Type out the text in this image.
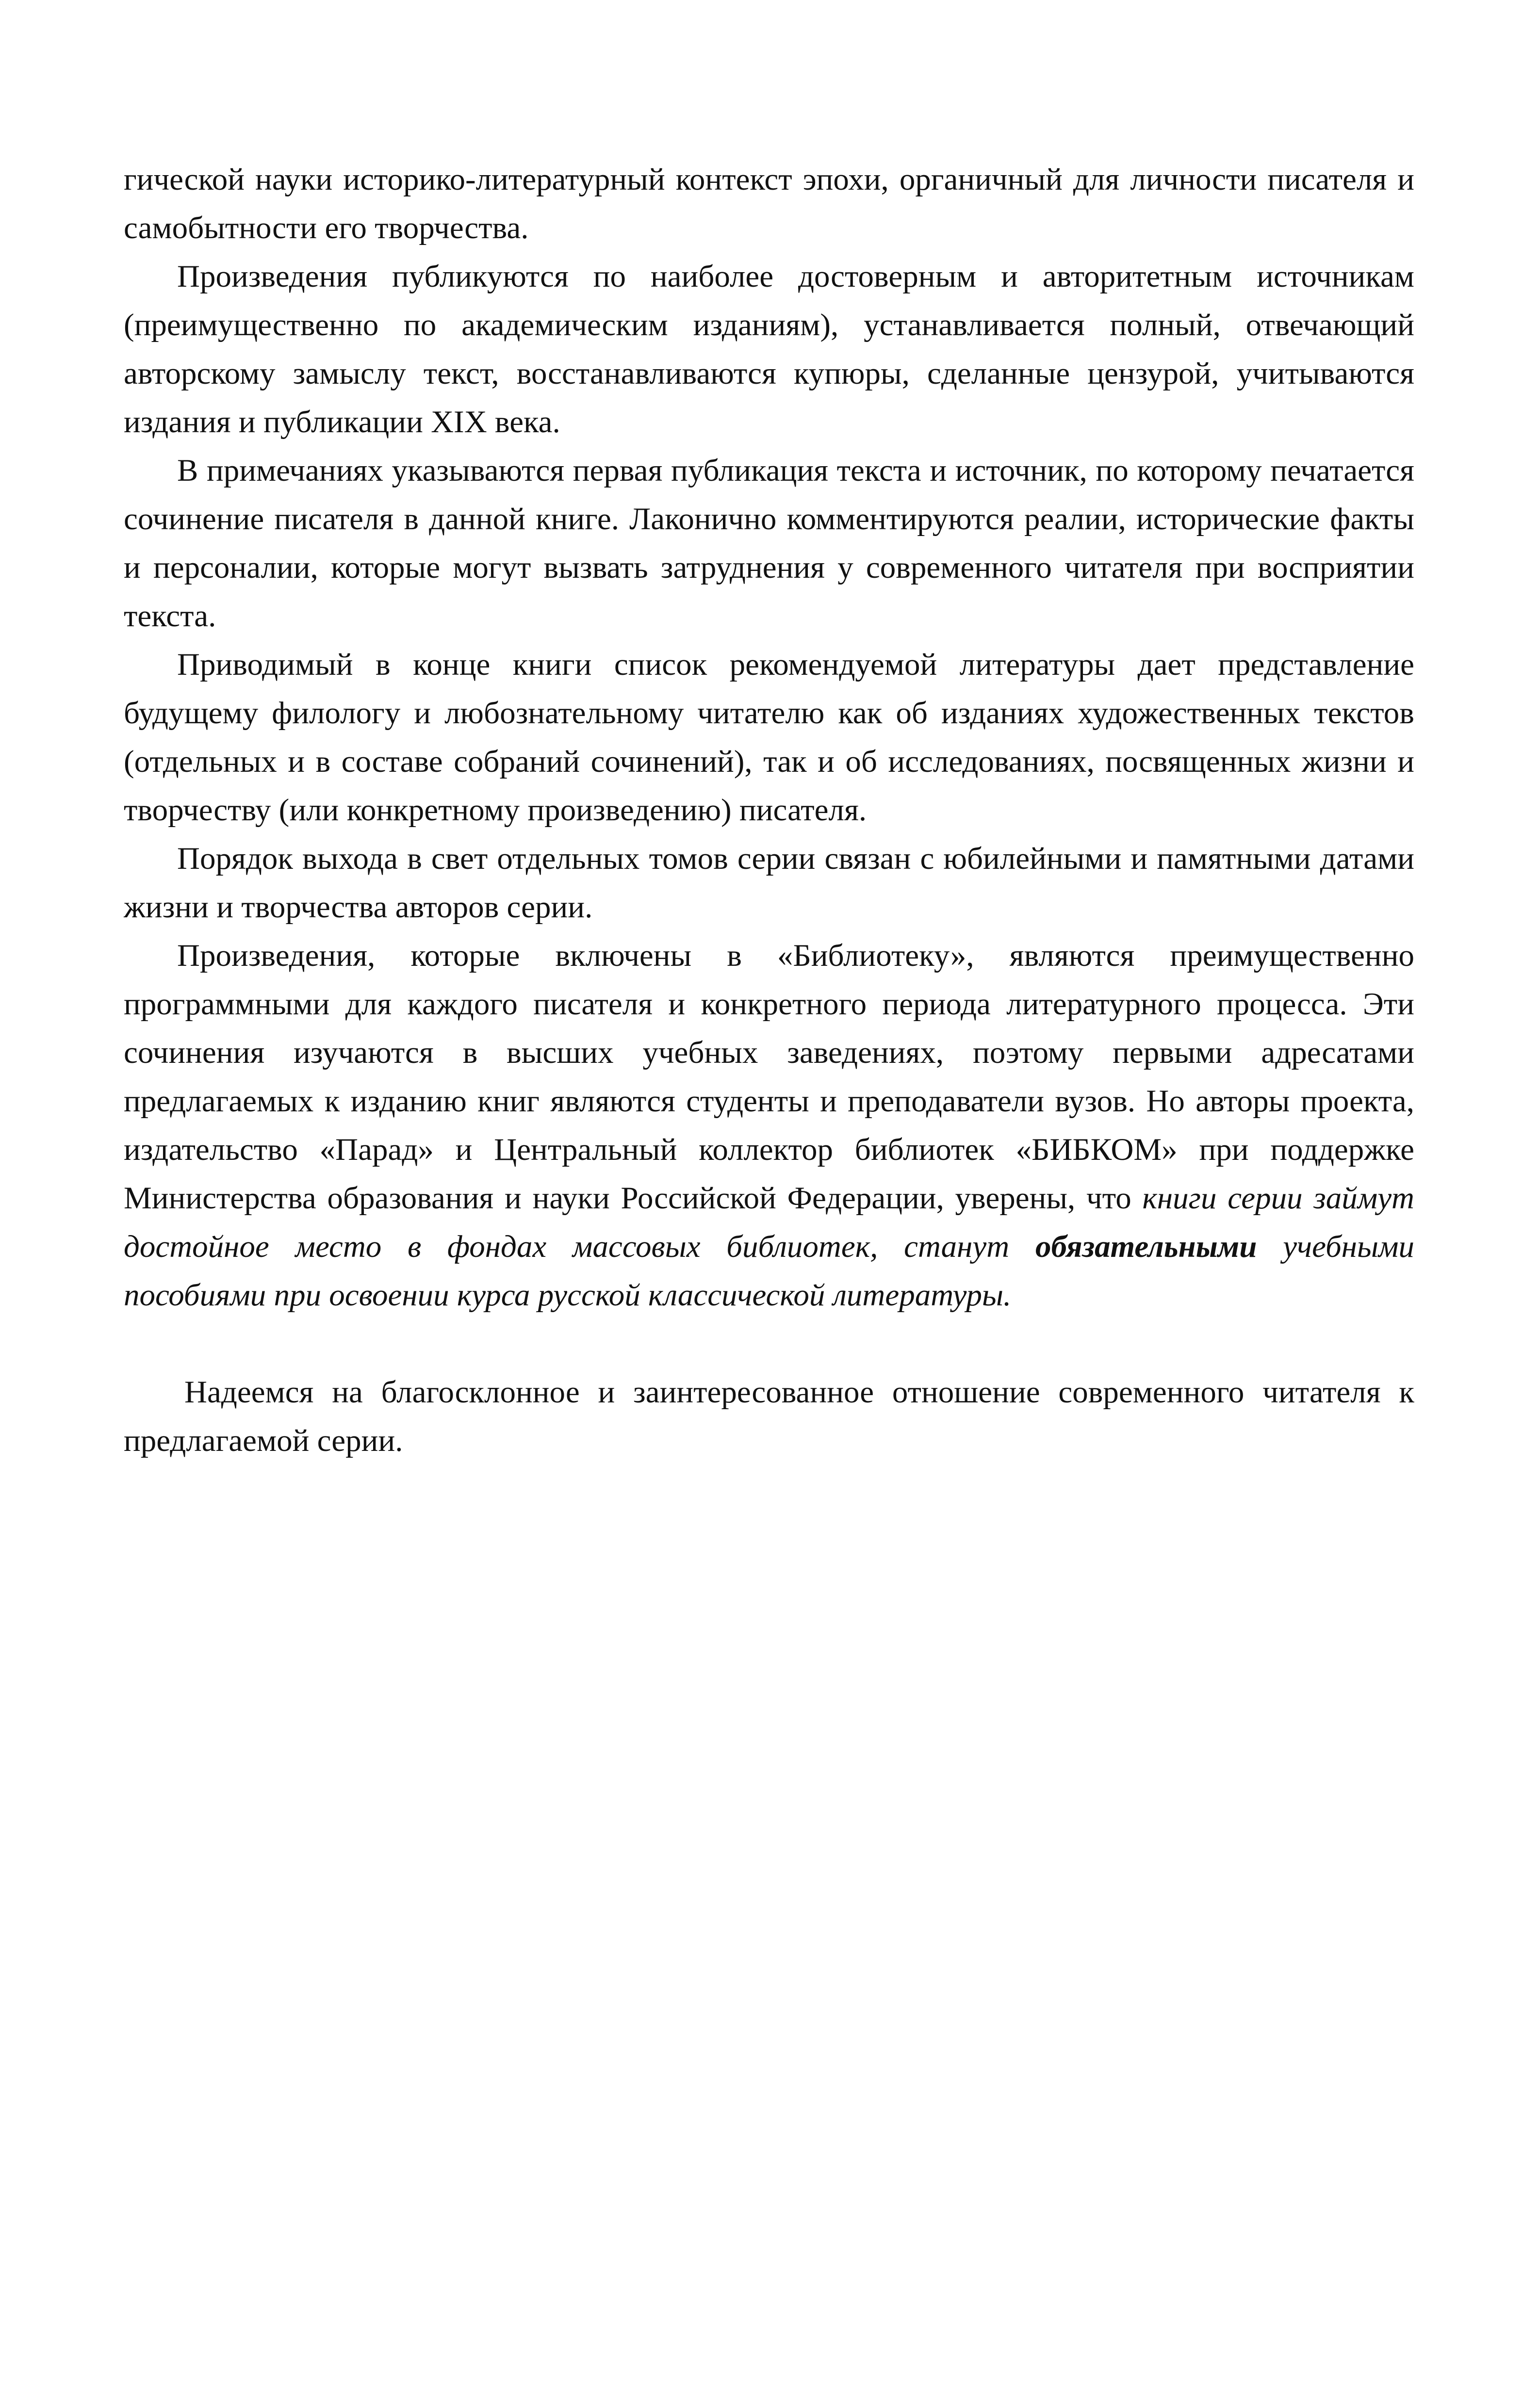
гической науки историко-литературный контекст эпохи, органичный для личности писателя и самобытности его творчества.

Произведения публикуются по наиболее достоверным и авторитетным источникам (преимущественно по академическим изданиям), устанавливается полный, отвечающий авторскому замыслу текст, восстанавливаются купюры, сделанные цензурой, учитываются издания и публикации XIX века.

В примечаниях указываются первая публикация текста и источник, по которому печатается сочинение писателя в данной книге. Лаконично комментируются реалии, исторические факты и персоналии, которые могут вызвать затруднения у современного читателя при восприятии текста.

Приводимый в конце книги список рекомендуемой литературы дает представление будущему филологу и любознательному читателю как об изданиях художественных текстов (отдельных и в составе собраний сочинений), так и об исследованиях, посвященных жизни и творчеству (или конкретному произведению) писателя.

Порядок выхода в свет отдельных томов серии связан с юбилейными и памятными датами жизни и творчества авторов серии.

Произведения, которые включены в «Библиотеку», являются преимущественно программными для каждого писателя и конкретного периода литературного процесса. Эти сочинения изучаются в высших учебных заведениях, поэтому первыми адресатами предлагаемых к изданию книг являются студенты и преподаватели вузов. Но авторы проекта, издательство «Парад» и Центральный коллектор библиотек «БИБКОМ» при поддержке Министерства образования и науки Российской Федерации, уверены, что книги серии займут достойное место в фондах массовых библиотек, станут обязательными учебными пособиями при освоении курса русской классической литературы.

Надеемся на благосклонное и заинтересованное отношение современного читателя к предлагаемой серии.
